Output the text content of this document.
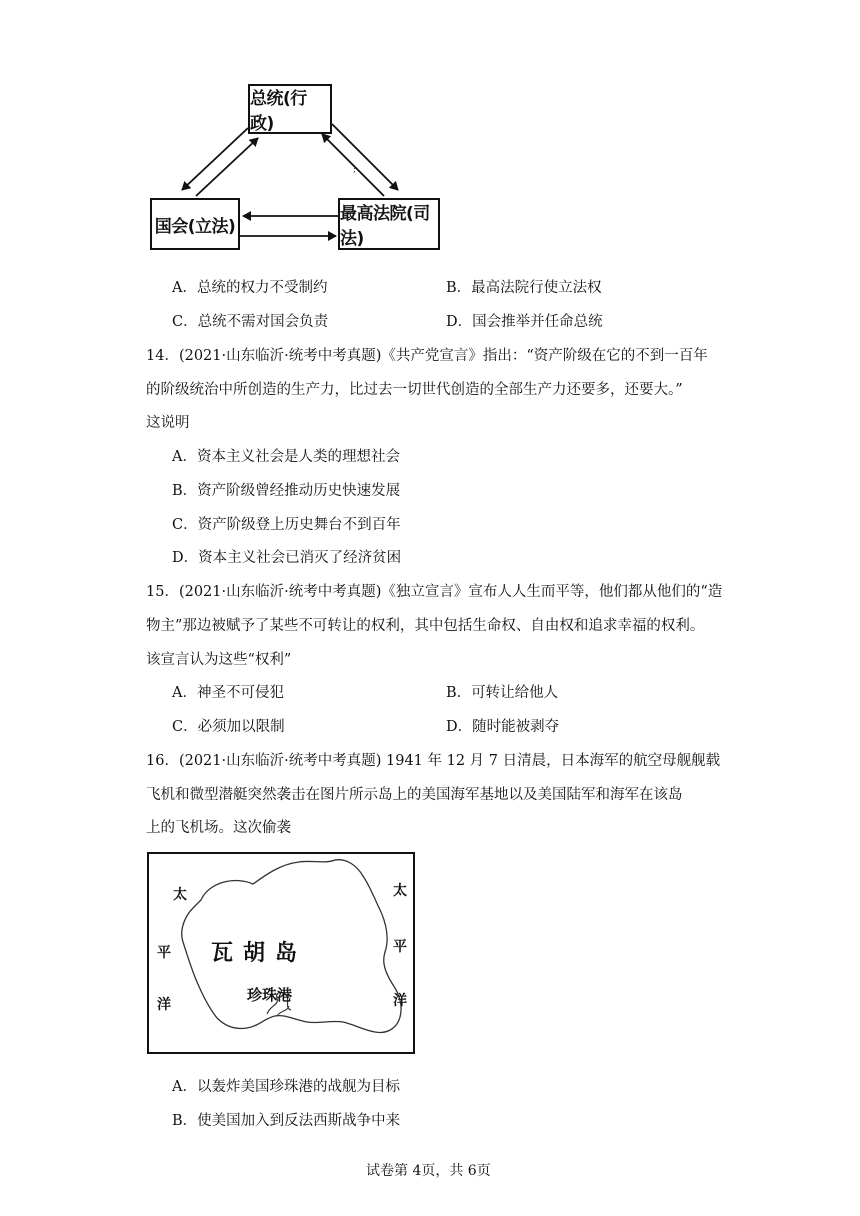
;
总统(行政)
国会(立法)
最高法院(司法)
A．总统的权力不受制约	B．最高法院行使立法权
C．总统不需对国会负责	D．国会推举并任命总统
14．(2021·山东临沂·统考中考真题)《共产党宣言》指出：“资产阶级在它的不到一百年
的阶级统治中所创造的生产力，比过去一切世代创造的全部生产力还要多，还要大。”
这说明
A．资本主义社会是人类的理想社会
B．资产阶级曾经推动历史快速发展
C．资产阶级登上历史舞台不到百年
D．资本主义社会已消灭了经济贫困
15．(2021·山东临沂·统考中考真题)《独立宣言》宣布人人生而平等，他们都从他们的“造
物主”那边被赋予了某些不可转让的权利，其中包括生命权、自由权和追求幸福的权利。
该宣言认为这些“权利”
A．神圣不可侵犯	B．可转让给他人
C．必须加以限制	D．随时能被剥夺
16．(2021·山东临沂·统考中考真题) 1941 年 12 月 7 日清晨，日本海军的航空母舰舰载
飞机和微型潜艇突然袭击在图片所示岛上的美国海军基地以及美国陆军和海军在该岛
上的飞机场。这次偷袭
太
平
洋
太
平
洋
瓦胡岛
珍珠港
A．以轰炸美国珍珠港的战舰为目标
B．使美国加入到反法西斯战争中来
试卷第 4页，共 6页
